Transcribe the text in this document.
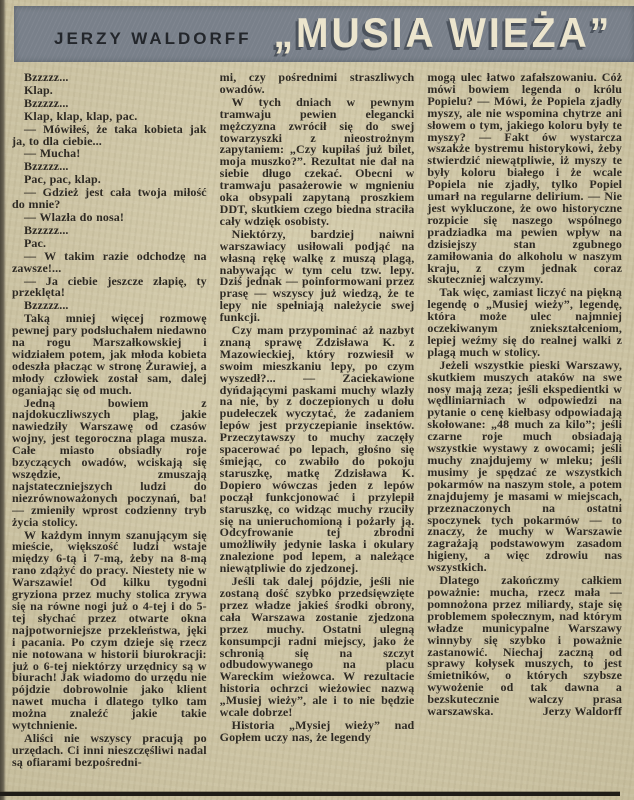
JERZY WALDORFF „MUSIA WIEŻA”

Bzzzzz...

Klap.

Bzzzzz...

Klap, klap, klap, pac.

— Mówiłeś, że taka kobieta jak ja, to dla ciebie...

— Mucha!

Bzzzzz...

Pac, pac, klap.

— Gdzież jest cała twoja miłość do mnie?

— Wlazła do nosa!

Bzzzzz...

Pac.

— W takim razie odchodzę na zawsze!...

— Ja ciebie jeszcze złapię, ty przeklęta!

Bzzzzz...

Taką mniej więcej rozmowę pewnej pary podsłuchałem niedawno na rogu Marszałkowskiej i widziałem potem, jak młoda kobieta odeszła płacząc w stronę Żurawiej, a młody człowiek został sam, dalej oganiając się od much.

Jedną bowiem z najdokuczliwszych plag, jakie nawiedziły Warszawę od czasów wojny, jest tegoroczna plaga musza. Całe miasto obsiadły roje bzyczących owadów, wciskają się wszędzie, zmuszają najstateczniejszych ludzi do niezrównoważonych poczynań, ba! — zmieniły wprost codzienny tryb życia stolicy.

W każdym innym szanującym się mieście, większość ludzi wstaje między 6-tą i 7-mą, żeby na 8-mą rano zdążyć do pracy. Niestety nie w Warszawie! Od kilku tygodni gryziona przez muchy stolica zrywa się na równe nogi już o 4-tej i do 5-tej słychać przez otwarte okna najpotworniejsze przekleństwa, jęki i pacania. Po czym dzieje się rzecz nie notowana w historii biurokracji: już o 6-tej niektórzy urzędnicy są w biurach! Jak wiadomo do urzędu nie pójdzie dobrowolnie jako klient nawet mucha i dlatego tylko tam można znaleźć jakie takie wytchnienie.

Aliści nie wszyscy pracują po urzędach. Ci inni nieszczęśliwi nadal są ofiarami bezpośredni-

mi, czy pośrednimi straszliwych owadów.

W tych dniach w pewnym tramwaju pewien elegancki mężczyzna zwrócił się do swej towarzyszki z nieostrożnym zapytaniem: „Czy kupiłaś już bilet, moja muszko?”. Rezultat nie dał na siebie długo czekać. Obecni w tramwaju pasażerowie w mgnieniu oka obsypali zapytaną proszkiem DDT, skutkiem czego biedna straciła cały wdzięk osobisty.

Niektórzy, bardziej naiwni warszawiacy usiłowali podjąć na własną rękę walkę z muszą plagą, nabywając w tym celu tzw. lepy. Dziś jednak — poinformowani przez prasę — wszyscy już wiedzą, że te lepy nie spełniają należycie swej funkcji.

Czy mam przypominać aż nazbyt znaną sprawę Zdzisława K. z Mazowieckiej, który rozwiesił w swoim mieszkaniu lepy, po czym wyszedł?... — Zaciekawione dyńdającymi paskami muchy wlazły na nie, by z doczepionych u dołu pudełeczek wyczytać, że zadaniem lepów jest przyczepianie insektów. Przeczytawszy to muchy zaczęły spacerować po lepach, głośno się śmiejąc, co zwabiło do pokoju staruszkę, matkę Zdzisława K. Dopiero wówczas jeden z lepów począł funkcjonować i przylepił staruszkę, co widząc muchy rzuciły się na unieruchomioną i pożarły ją. Odcyfrowanie tej zbrodni umożliwiły jedynie laska i okulary znalezione pod lepem, a należące niewątpliwie do zjedzonej.

Jeśli tak dalej pójdzie, jeśli nie zostaną dość szybko przedsięwzięte przez władze jakieś środki obrony, cała Warszawa zostanie zjedzona przez muchy. Ostatni ulegną konsumpcji radni miejscy, jako że schronią się na szczyt odbudowywanego na placu Wareckim wieżowca. W rezultacie historia ochrzci wieżowiec nazwą „Musiej wieży”, ale i to nie będzie wcale dobrze!

Historia „Mysiej wieży” nad Gopłem uczy nas, że legendy

mogą ulec łatwo zafałszowaniu. Cóż mówi bowiem legenda o królu Popielu? — Mówi, że Popiela zjadły myszy, ale nie wspomina chytrze ani słowem o tym, jakiego koloru były te myszy? — Fakt ów wystarcza wszakże bystremu historykowi, żeby stwierdzić niewątpliwie, iż myszy te były koloru białego i że wcale Popiela nie zjadły, tylko Popiel umarł na regularne delirium. — Nie jest wykluczone, że owo historyczne rozpicie się naszego wspólnego pradziadka ma pewien wpływ na dzisiejszy stan zgubnego zamiłowania do alkoholu w naszym kraju, z czym jednak coraz skuteczniej walczymy.

Tak więc, zamiast liczyć na piękną legendę o „Musiej wieży”, legendę, która może ulec najmniej oczekiwanym zniekształceniom, lepiej weźmy się do realnej walki z plagą much w stolicy.

Jeżeli wszystkie pieski Warszawy, skutkiem muszych ataków na swe nosy mają zeza; jeśli ekspedientki w wędliniarniach w odpowiedzi na pytanie o cenę kiełbasy odpowiadają skołowane: „48 much za kilo”; jeśli czarne roje much obsiadają wszystkie wystawy z owocami; jeśli muchy znajdujemy w mleku; jeśli musimy je spędzać ze wszystkich pokarmów na naszym stole, a potem znajdujemy je masami w miejscach, przeznaczonych na ostatni spoczynek tych pokarmów — to znaczy, że muchy w Warszawie zagrażają podstawowym zasadom higieny, a więc zdrowiu nas wszystkich.

Dlatego zakończmy całkiem poważnie: mucha, rzecz mała — pomnożona przez miliardy, staje się problemem społecznym, nad którym władze municypalne Warszawy winnyby się szybko i poważnie zastanowić. Niechaj zaczną od sprawy kołysek muszych, to jest śmietników, o których szybsze wywożenie od tak dawna a bezskutecznie walczy prasa warszawska.	Jerzy Waldorff
